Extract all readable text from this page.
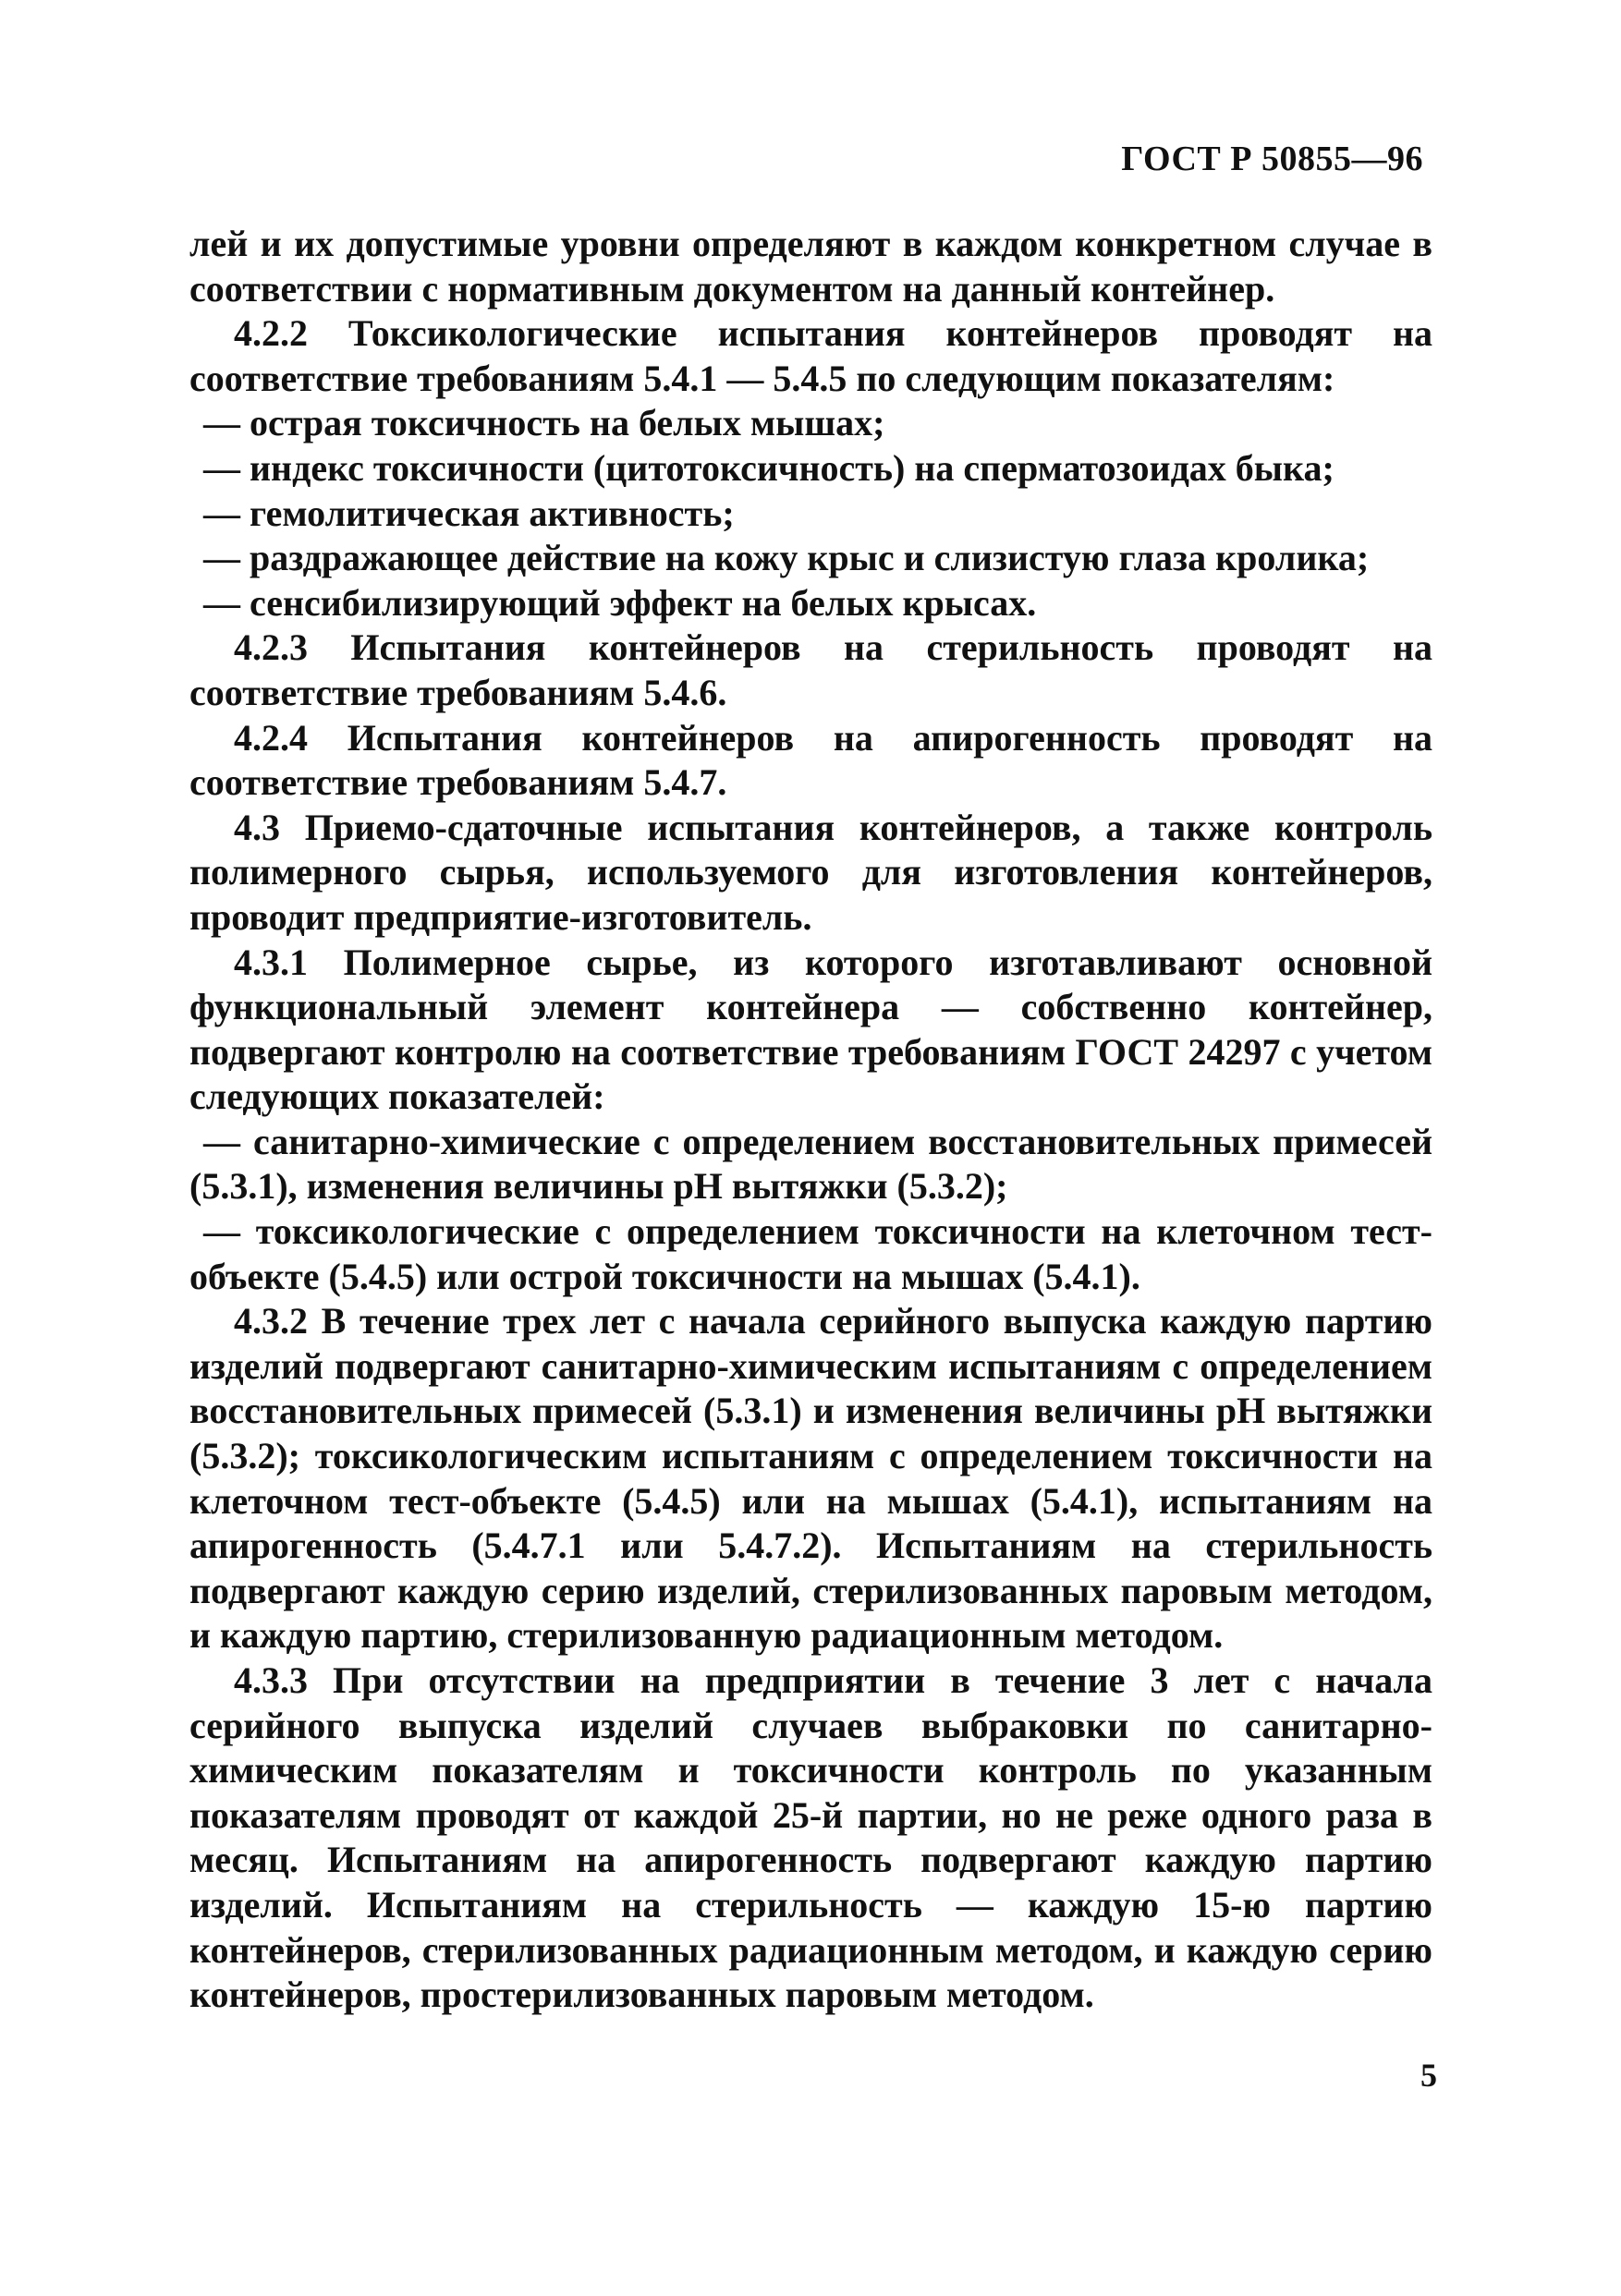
ГОСТ Р 50855—96

лей и их допустимые уровни определяют в каждом конкретном случае в соответствии с нормативным документом на данный контейнер.

4.2.2 Токсикологические испытания контейнеров проводят на соответствие требованиям 5.4.1 — 5.4.5 по следующим показателям:

— острая токсичность на белых мышах;

— индекс токсичности (цитотоксичность) на сперматозоидах быка;

— гемолитическая активность;

— раздражающее действие на кожу крыс и слизистую глаза кролика;

— сенсибилизирующий эффект на белых крысах.

4.2.3 Испытания контейнеров на стерильность проводят на соответствие требованиям 5.4.6.

4.2.4 Испытания контейнеров на апирогенность проводят на соответствие требованиям 5.4.7.

4.3 Приемо-сдаточные испытания контейнеров, а также контроль полимерного сырья, используемого для изготовления контейнеров, проводит предприятие-изготовитель.

4.3.1 Полимерное сырье, из которого изготавливают основной функциональный элемент контейнера — собственно контейнер, подвергают контролю на соответствие требованиям ГОСТ 24297 с учетом следующих показателей:

— санитарно-химические с определением восстановительных примесей (5.3.1), изменения величины pH вытяжки (5.3.2);

— токсикологические с определением токсичности на клеточном тест-объекте (5.4.5) или острой токсичности на мышах (5.4.1).

4.3.2 В течение трех лет с начала серийного выпуска каждую партию изделий подвергают санитарно-химическим испытаниям с определением восстановительных примесей (5.3.1) и изменения величины pH вытяжки (5.3.2); токсикологическим испытаниям с определением токсичности на клеточном тест-объекте (5.4.5) или на мышах (5.4.1), испытаниям на апирогенность (5.4.7.1 или 5.4.7.2). Испытаниям на стерильность подвергают каждую серию изделий, стерилизованных паровым методом, и каждую партию, стерилизованную радиационным методом.

4.3.3 При отсутствии на предприятии в течение 3 лет с начала серийного выпуска изделий случаев выбраковки по санитарно-химическим показателям и токсичности контроль по указанным показателям проводят от каждой 25-й партии, но не реже одного раза в месяц. Испытаниям на апирогенность подвергают каждую партию изделий. Испытаниям на стерильность — каждую 15-ю партию контейнеров, стерилизованных радиационным методом, и каждую серию контейнеров, простерилизованных паровым методом.

5
